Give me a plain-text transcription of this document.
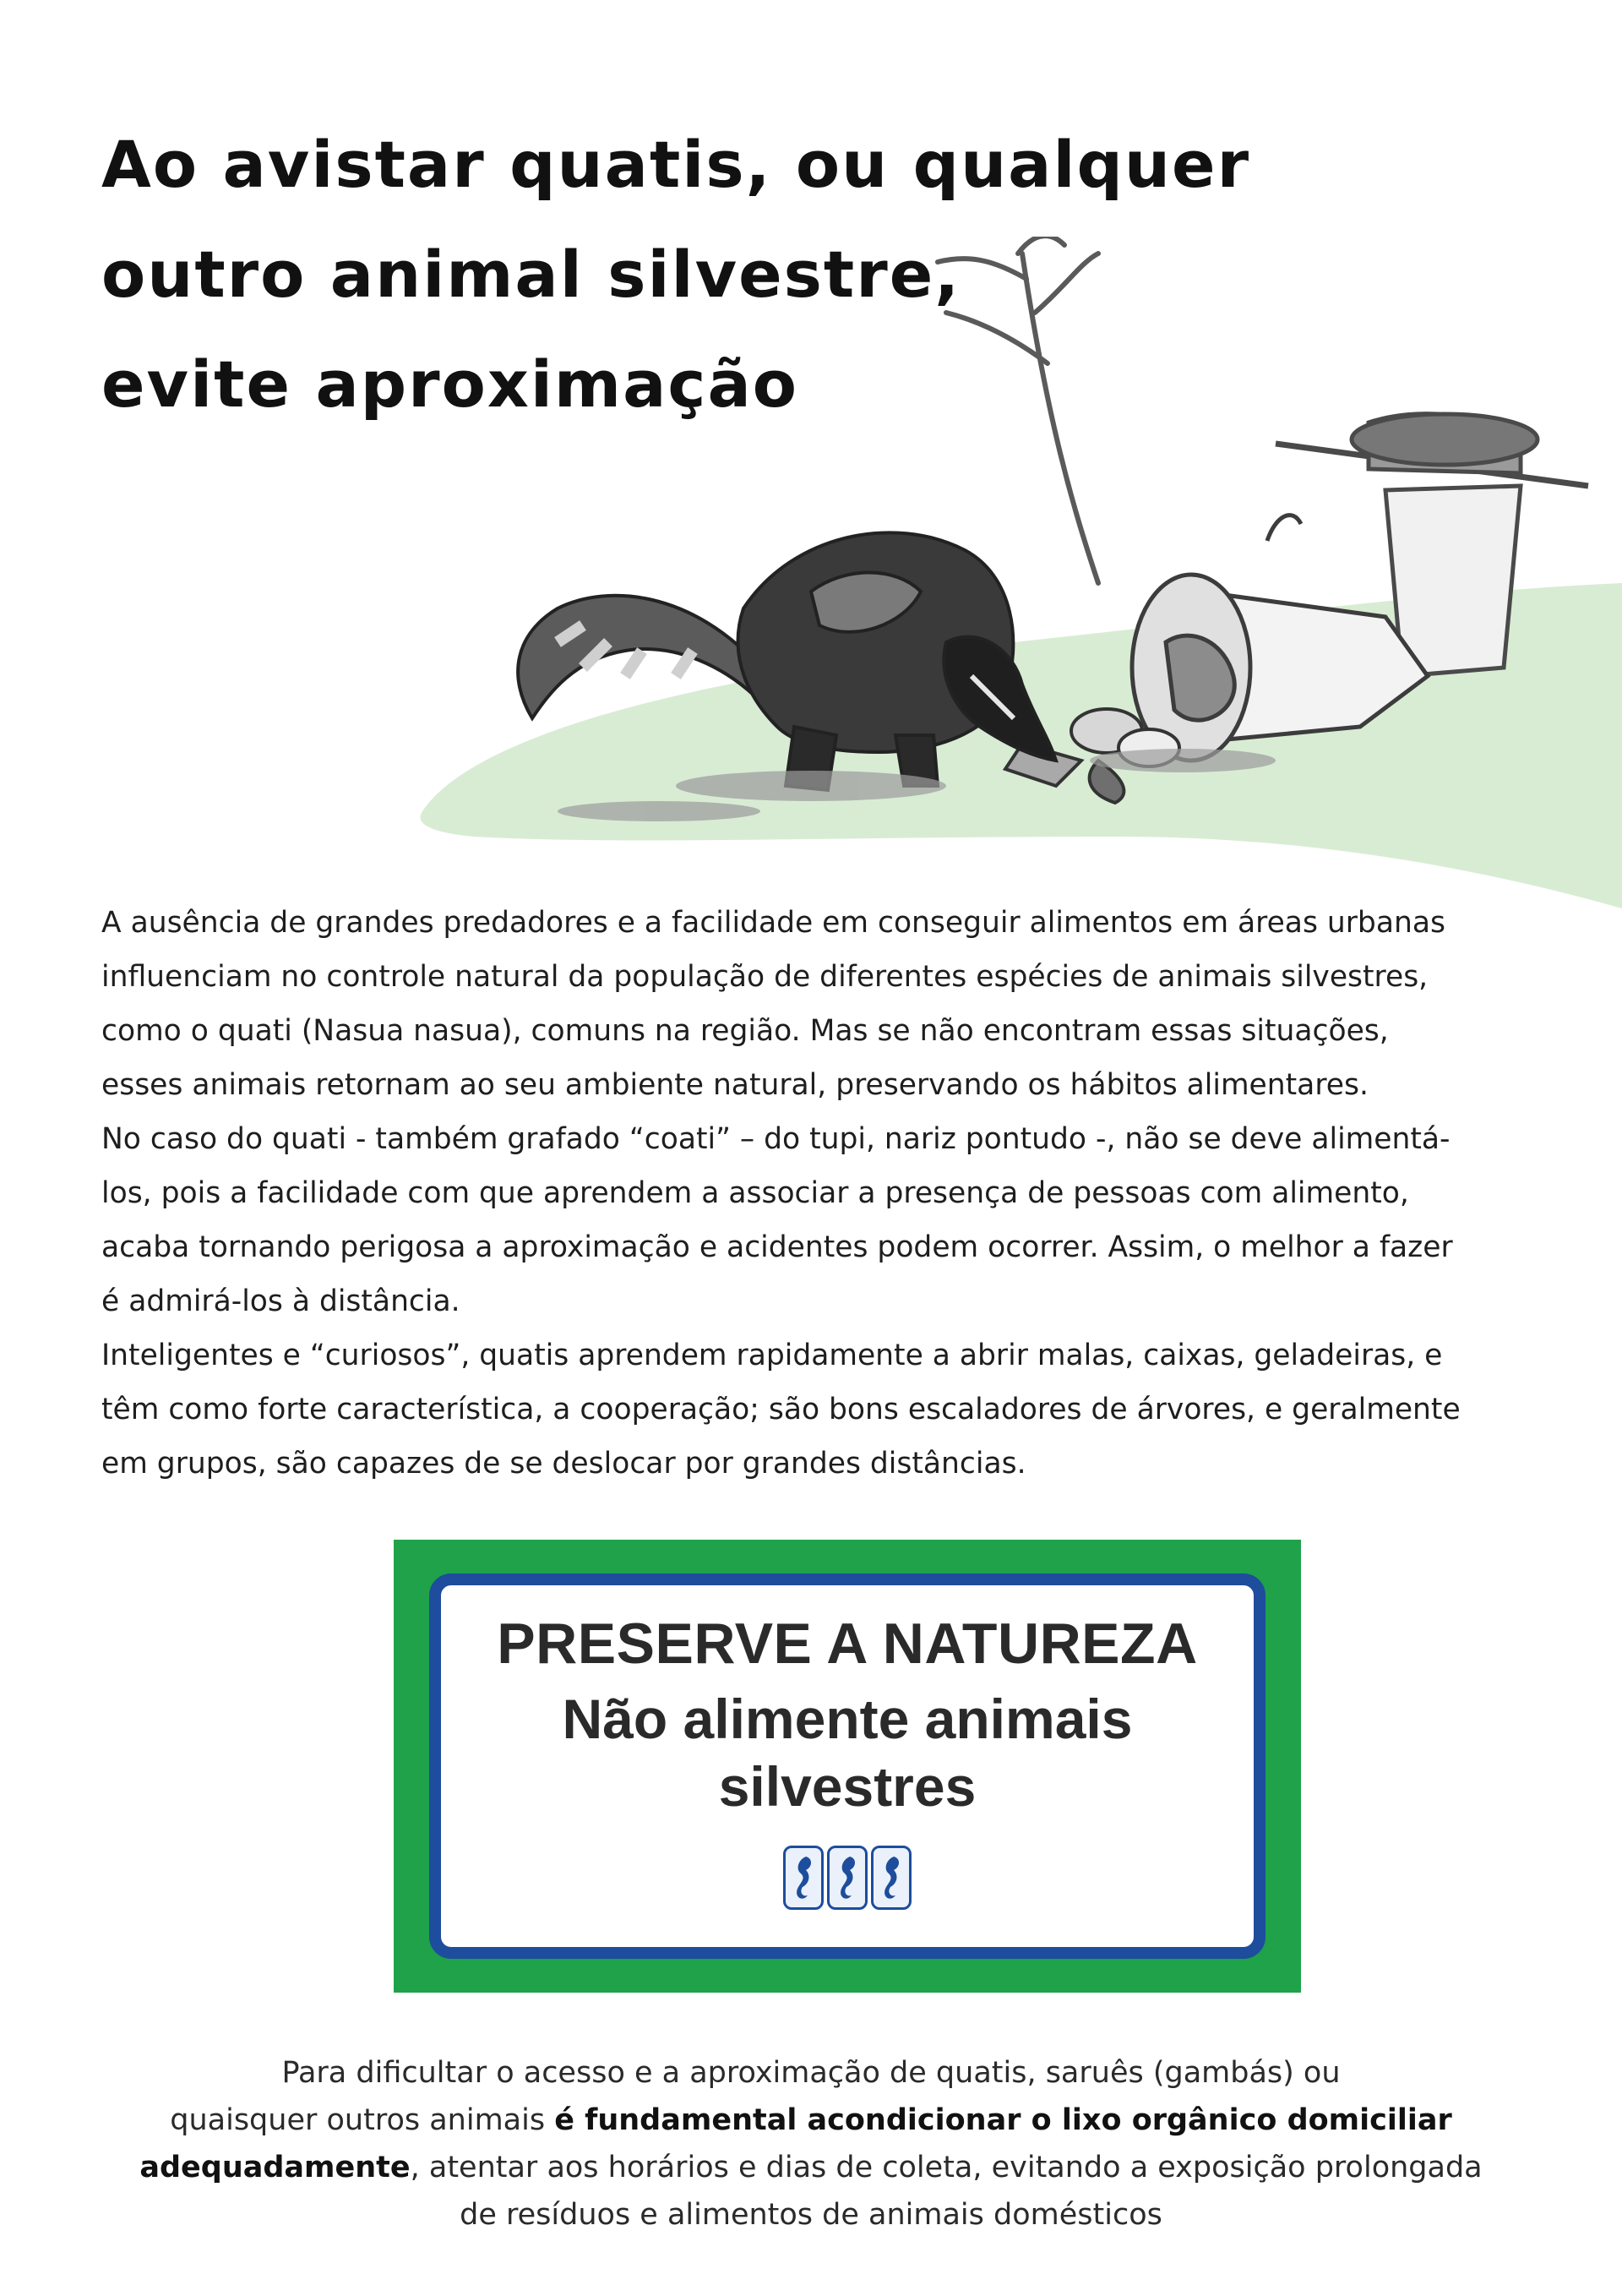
Ao avistar quatis, ou qualquer
outro animal silvestre,
evite aproximação

A ausência de grandes predadores e a facilidade em conseguir alimentos em áreas urbanas

influenciam no controle natural da população de diferentes espécies de animais silvestres,

como o quati (Nasua nasua), comuns na região. Mas se não encontram essas situações,

esses animais retornam ao seu ambiente natural, preservando os hábitos alimentares.

No caso do quati - também grafado “coati” – do tupi, nariz pontudo -, não se deve alimentá-

los, pois a facilidade com que aprendem a associar a presença de pessoas com alimento,

acaba tornando perigosa a aproximação e acidentes podem ocorrer. Assim, o melhor a fazer

é admirá-los à distância.

Inteligentes e “curiosos”, quatis aprendem rapidamente a abrir malas, caixas, geladeiras, e

têm como forte característica, a cooperação; são bons escaladores de árvores, e geralmente

em grupos, são capazes de se deslocar por grandes distâncias.

PRESERVE A NATUREZA
Não alimente animais
silvestres

Para dificultar o acesso e a aproximação de quatis, saruês (gambás) ou

quaisquer outros animais é fundamental acondicionar o lixo orgânico domiciliar

adequadamente, atentar aos horários e dias de coleta, evitando a exposição prolongada

de resíduos e alimentos de animais domésticos
